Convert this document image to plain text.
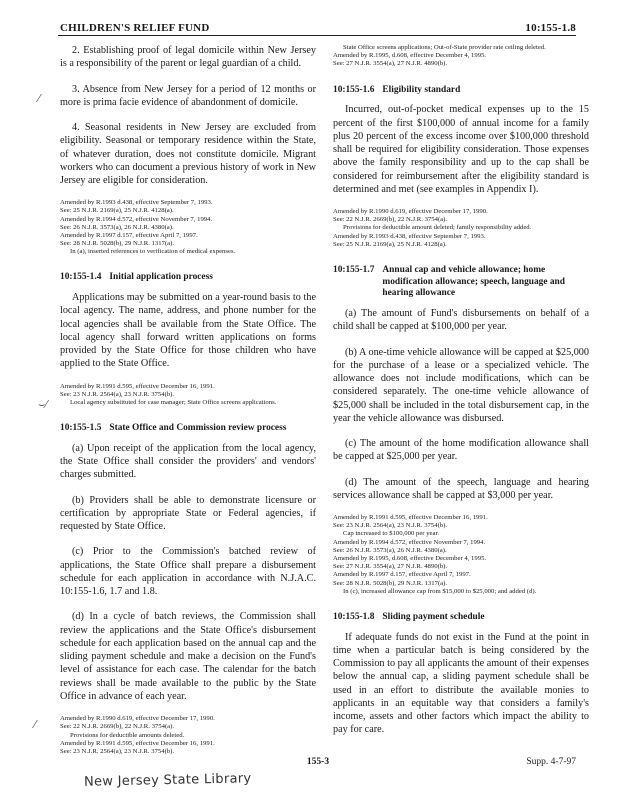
CHILDREN'S RELIEF FUND	10:155-1.8

2. Establishing proof of legal domicile within New Jersey is a responsibility of the parent or legal guardian of a child.

3. Absence from New Jersey for a period of 12 months or more is prima facie evidence of abandonment of domicile.

4. Seasonal residents in New Jersey are excluded from eligibility. Seasonal or temporary residence within the State, of whatever duration, does not constitute domicile. Migrant workers who can document a previous history of work in New Jersey are eligible for consideration.

Amended by R.1993 d.438, effective September 7, 1993.
See: 25 N.J.R. 2169(a), 25 N.J.R. 4128(a).
Amended by R.1994 d.572, effective November 7, 1994.
See: 26 N.J.R. 3573(a), 26 N.J.R. 4380(a).
Amended by R.1997 d.157, effective April 7, 1997.
See: 28 N.J.R. 5028(b), 29 N.J.R. 1317(a).
In (a), inserted references to verification of medical expenses.
10:155-1.4 Initial application process

Applications may be submitted on a year-round basis to the local agency. The name, address, and phone number for the local agencies shall be available from the State Office. The local agency shall forward written applications on forms provided by the State Office for those children who have applied to the State Office.

Amended by R.1991 d.595, effective December 16, 1991.
See: 23 N.J.R. 2564(a), 23 N.J.R. 3754(b).
Local agency substituted for case manager; State Office screens applications.
10:155-1.5 State Office and Commission review process

(a) Upon receipt of the application from the local agency, the State Office shall consider the providers' and vendors' charges submitted.

(b) Providers shall be able to demonstrate licensure or certification by appropriate State or Federal agencies, if requested by State Office.

(c) Prior to the Commission's batched review of applications, the State Office shall prepare a disbursement schedule for each application in accordance with N.J.A.C. 10:155-1.6, 1.7 and 1.8.

(d) In a cycle of batch reviews, the Commission shall review the applications and the State Office's disbursement schedule for each application based on the annual cap and the sliding payment schedule and make a decision on the Fund's level of assistance for each case. The calendar for the batch reviews shall be made available to the public by the State Office in advance of each year.

Amended by R.1990 d.619, effective December 17, 1990.
See: 22 N.J.R. 2669(b), 22 N.J.R. 3754(a).
Provisions for deductible amounts deleted.
Amended by R.1991 d.595, effective December 16, 1991.
See: 23 N.J.R. 2564(a), 23 N.J.R. 3754(b).
State Office screens applications; Out-of-State provider rate ceiling deleted.
Amended by R.1995, d.608, effective December 4, 1995.
See: 27 N.J.R. 3554(a), 27 N.J.R. 4890(b).
10:155-1.6 Eligibility standard

Incurred, out-of-pocket medical expenses up to the 15 percent of the first $100,000 of annual income for a family plus 20 percent of the excess income over $100,000 threshold shall be required for eligibility consideration. Those expenses above the family responsibility and up to the cap shall be considered for reimbursement after the eligibility standard is determined and met (see examples in Appendix I).

Amended by R.1990 d.619, effective December 17, 1990.
See: 22 N.J.R. 2669(b), 22 N.J.R. 3754(a).
Provisions for deductible amount deleted; family responsibility added.
Amended by R.1993 d.438, effective September 7, 1993.
See: 25 N.J.R. 2169(a), 25 N.J.R. 4128(a).
10:155-1.7 Annual cap and vehicle allowance; home modification allowance; speech, language and hearing allowance

(a) The amount of Fund's disbursements on behalf of a child shall be capped at $100,000 per year.

(b) A one-time vehicle allowance will be capped at $25,000 for the purchase of a lease or a specialized vehicle. The allowance does not include modifications, which can be considered separately. The one-time vehicle allowance of $25,000 shall be included in the total disbursement cap, in the year the vehicle allowance was disbursed.

(c) The amount of the home modification allowance shall be capped at $25,000 per year.

(d) The amount of the speech, language and hearing services allowance shall be capped at $3,000 per year.

Amended by R.1991 d.595, effective December 16, 1991.
See: 23 N.J.R. 2564(a), 23 N.J.R. 3754(b).
Cap increased to $100,000 per year.
Amended by R.1994 d.572, effective November 7, 1994.
See: 26 N.J.R. 3573(a), 26 N.J.R. 4380(a).
Amended by R.1995, d.608, effective December 4, 1995.
See: 27 N.J.R. 3554(a), 27 N.J.R. 4890(b).
Amended by R.1997 d.157, effective April 7, 1997.
See: 28 N.J.R. 5028(b), 29 N.J.R. 1317(a).
In (c), increased allowance cap from $15,000 to $25,000; and added (d).
10:155-1.8 Sliding payment schedule

If adequate funds do not exist in the Fund at the point in time when a particular batch is being considered by the Commission to pay all applicants the amount of their expenses below the annual cap, a sliding payment schedule shall be used in an effort to distribute the available monies to applicants in an equitable way that considers a family's income, assets and other factors which impact the ability to pay for care.

⁄
⌣⁄
⁄
155-3	Supp. 4-7-97
New Jersey State Library
